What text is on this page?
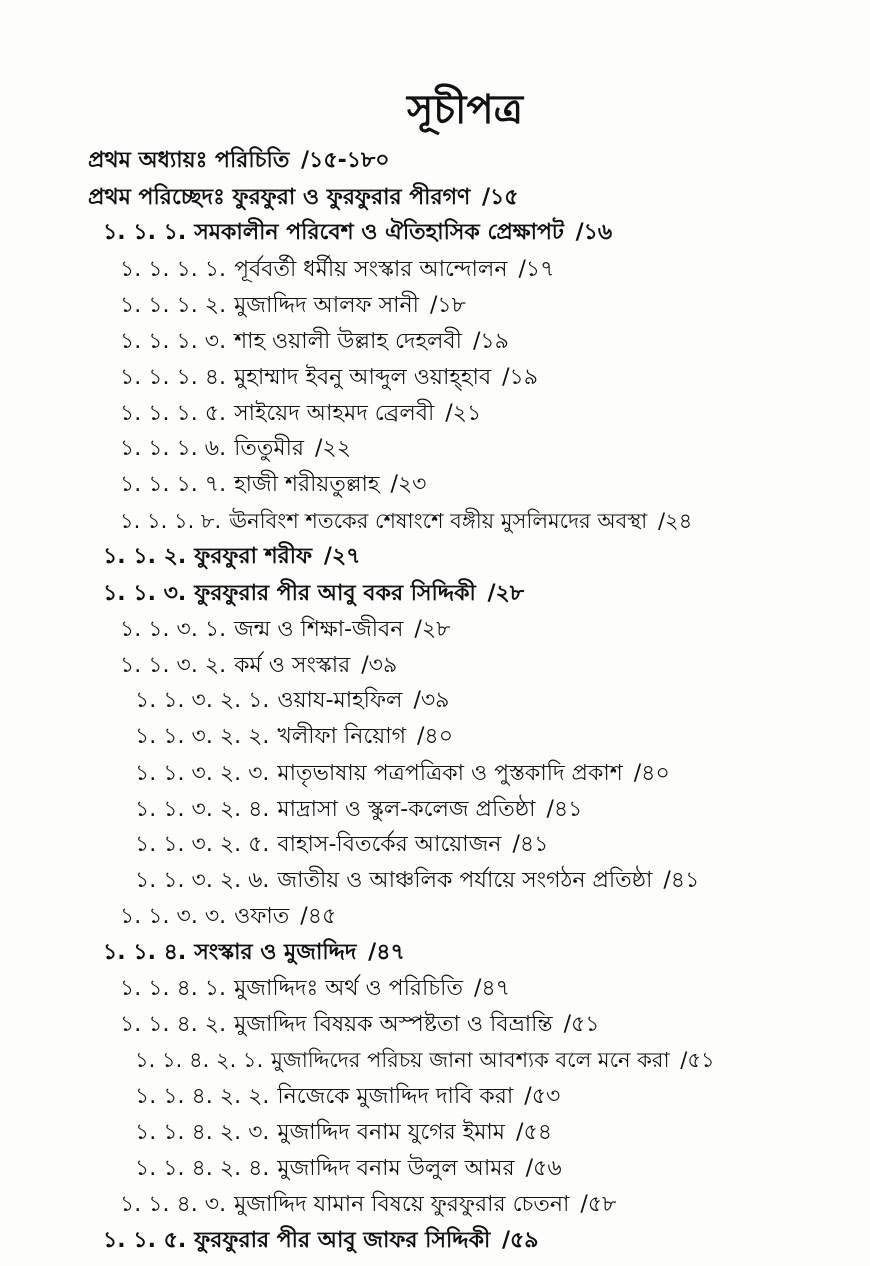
সূচীপত্র
প্রথম অধ্যায়ঃ পরিচিতি /১৫-১৮০
প্রথম পরিচ্ছেদঃ ফুরফুরা ও ফুরফুরার পীরগণ /১৫
১. ১. ১. সমকালীন পরিবেশ ও ঐতিহাসিক প্রেক্ষাপট /১৬
১. ১. ১. ১. পূর্ববর্তী ধর্মীয় সংস্কার আন্দোলন /১৭
১. ১. ১. ২. মুজাদ্দিদ আলফ সানী /১৮
১. ১. ১. ৩. শাহ ওয়ালী উল্লাহ দেহলবী /১৯
১. ১. ১. ৪. মুহাম্মাদ ইবনু আব্দুল ওয়াহ্হাব /১৯
১. ১. ১. ৫. সাইয়েদ আহমদ ব্রেলবী /২১
১. ১. ১. ৬. তিতুমীর /২২
১. ১. ১. ৭. হাজী শরীয়তুল্লাহ /২৩
১. ১. ১. ৮. ঊনবিংশ শতকের শেষাংশে বঙ্গীয় মুসলিমদের অবস্থা /২৪
১. ১. ২. ফুরফুরা শরীফ /২৭
১. ১. ৩. ফুরফুরার পীর আবু বকর সিদ্দিকী /২৮
১. ১. ৩. ১. জন্ম ও শিক্ষা-জীবন /২৮
১. ১. ৩. ২. কর্ম ও সংস্কার /৩৯
১. ১. ৩. ২. ১. ওয়ায-মাহফিল /৩৯
১. ১. ৩. ২. ২. খলীফা নিয়োগ /৪০
১. ১. ৩. ২. ৩. মাতৃভাষায় পত্রপত্রিকা ও পুস্তকাদি প্রকাশ /৪০
১. ১. ৩. ২. ৪. মাদ্রাসা ও স্কুল-কলেজ প্রতিষ্ঠা /৪১
১. ১. ৩. ২. ৫. বাহাস-বিতর্কের আয়োজন /৪১
১. ১. ৩. ২. ৬. জাতীয় ও আঞ্চলিক পর্যায়ে সংগঠন প্রতিষ্ঠা /৪১
১. ১. ৩. ৩. ওফাত /৪৫
১. ১. ৪. সংস্কার ও মুজাদ্দিদ /৪৭
১. ১. ৪. ১. মুজাদ্দিদঃ অর্থ ও পরিচিতি /৪৭
১. ১. ৪. ২. মুজাদ্দিদ বিষয়ক অস্পষ্টতা ও বিভ্রান্তি /৫১
১. ১. ৪. ২. ১. মুজাদ্দিদের পরিচয় জানা আবশ্যক বলে মনে করা /৫১
১. ১. ৪. ২. ২. নিজেকে মুজাদ্দিদ দাবি করা /৫৩
১. ১. ৪. ২. ৩. মুজাদ্দিদ বনাম যুগের ইমাম /৫৪
১. ১. ৪. ২. ৪. মুজাদ্দিদ বনাম উলুল আমর /৫৬
১. ১. ৪. ৩. মুজাদ্দিদ যামান বিষয়ে ফুরফুরার চেতনা /৫৮
১. ১. ৫. ফুরফুরার পীর আবু জাফর সিদ্দিকী /৫৯
